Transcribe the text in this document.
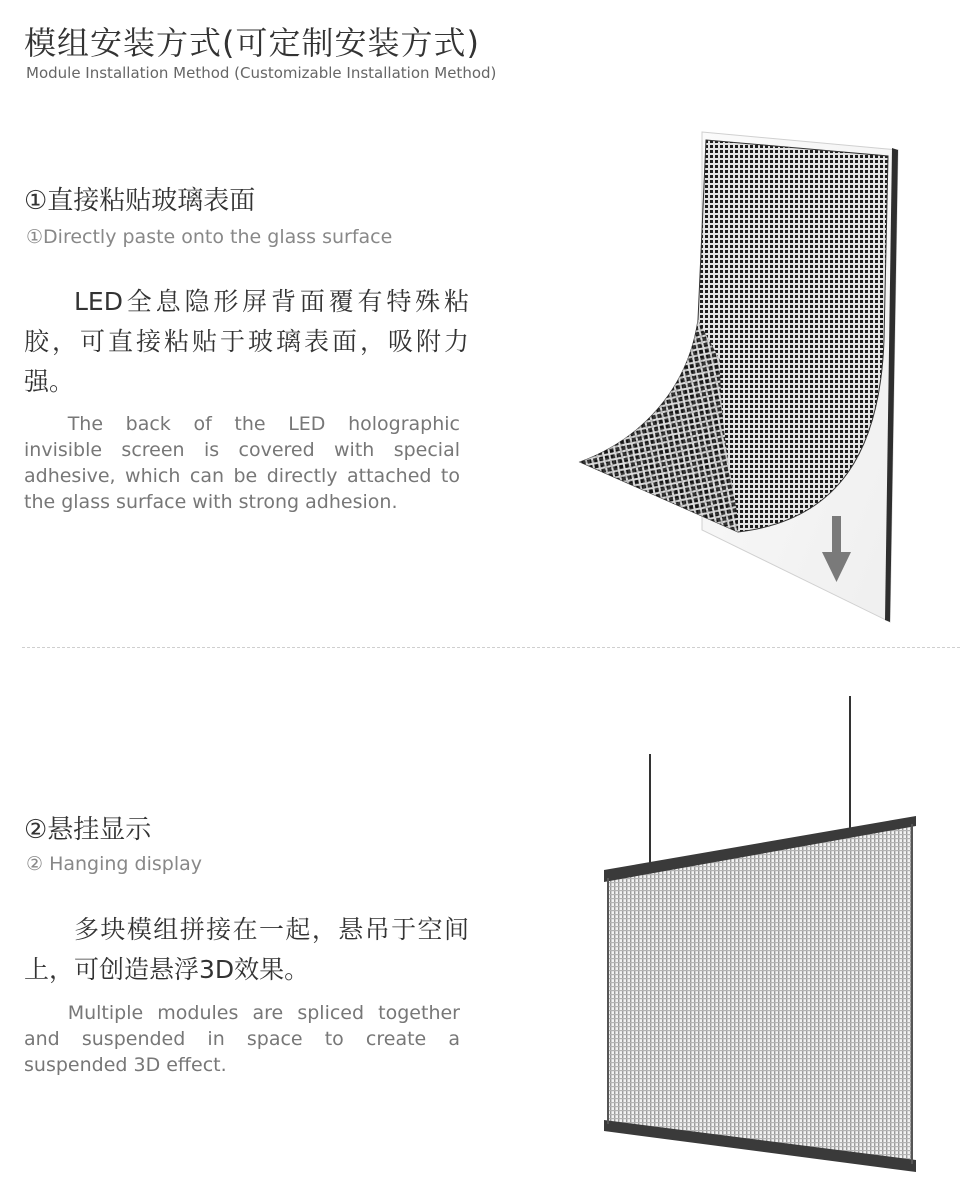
模组安装方式(可定制安装方式)
Module Installation Method (Customizable Installation Method)
①直接粘贴玻璃表面
①Directly paste onto the glass surface

LED全息隐形屏背面覆有特殊粘胶，可直接粘贴于玻璃表面，吸附力强。

The back of the LED holographic invisible screen is covered with special adhesive, which can be directly attached to the glass surface with strong adhesion.

②悬挂显示
② Hanging display

多块模组拼接在一起，悬吊于空间上，可创造悬浮3D效果。

Multiple modules are spliced together and suspended in space to create a suspended 3D effect.
